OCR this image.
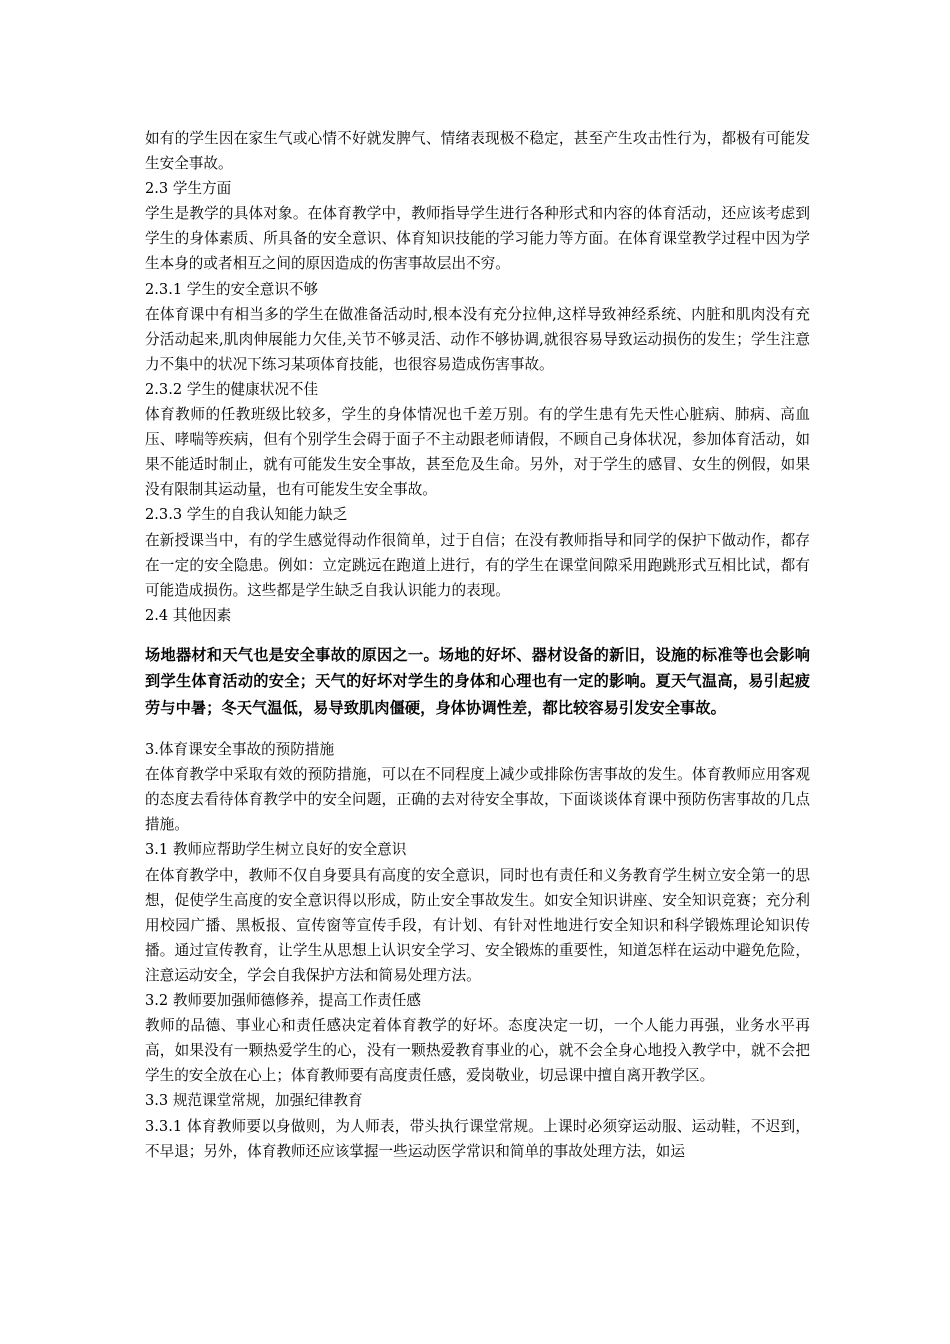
如有的学生因在家生气或心情不好就发脾气、情绪表现极不稳定，甚至产生攻击性行为，都极有可能发生安全事故。

2.3 学生方面

学生是教学的具体对象。在体育教学中，教师指导学生进行各种形式和内容的体育活动，还应该考虑到学生的身体素质、所具备的安全意识、体育知识技能的学习能力等方面。在体育课堂教学过程中因为学生本身的或者相互之间的原因造成的伤害事故层出不穷。

2.3.1 学生的安全意识不够

在体育课中有相当多的学生在做准备活动时,根本没有充分拉伸,这样导致神经系统、内脏和肌肉没有充分活动起来,肌肉伸展能力欠佳,关节不够灵活、动作不够协调,就很容易导致运动损伤的发生；学生注意力不集中的状况下练习某项体育技能，也很容易造成伤害事故。

2.3.2 学生的健康状况不佳

体育教师的任教班级比较多，学生的身体情况也千差万别。有的学生患有先天性心脏病、肺病、高血压、哮喘等疾病，但有个别学生会碍于面子不主动跟老师请假，不顾自己身体状况，参加体育活动，如果不能适时制止，就有可能发生安全事故，甚至危及生命。另外，对于学生的感冒、女生的例假，如果没有限制其运动量，也有可能发生安全事故。

2.3.3 学生的自我认知能力缺乏

在新授课当中，有的学生感觉得动作很简单，过于自信；在没有教师指导和同学的保护下做动作，都存在一定的安全隐患。例如：立定跳远在跑道上进行，有的学生在课堂间隙采用跑跳形式互相比试，都有可能造成损伤。这些都是学生缺乏自我认识能力的表现。

2.4 其他因素

场地器材和天气也是安全事故的原因之一。场地的好坏、器材设备的新旧，设施的标准等也会影响到学生体育活动的安全；天气的好坏对学生的身体和心理也有一定的影响。夏天气温高，易引起疲劳与中暑；冬天气温低，易导致肌肉僵硬，身体协调性差，都比较容易引发安全事故。

3.体育课安全事故的预防措施

在体育教学中采取有效的预防措施，可以在不同程度上减少或排除伤害事故的发生。体育教师应用客观的态度去看待体育教学中的安全问题，正确的去对待安全事故，下面谈谈体育课中预防伤害事故的几点措施。

3.1 教师应帮助学生树立良好的安全意识

在体育教学中，教师不仅自身要具有高度的安全意识，同时也有责任和义务教育学生树立安全第一的思想，促使学生高度的安全意识得以形成，防止安全事故发生。如安全知识讲座、安全知识竞赛；充分利用校园广播、黑板报、宣传窗等宣传手段，有计划、有针对性地进行安全知识和科学锻炼理论知识传播。通过宣传教育，让学生从思想上认识安全学习、安全锻炼的重要性，知道怎样在运动中避免危险，注意运动安全，学会自我保护方法和简易处理方法。

3.2 教师要加强师德修养，提高工作责任感

教师的品德、事业心和责任感决定着体育教学的好坏。态度决定一切，一个人能力再强，业务水平再高，如果没有一颗热爱学生的心，没有一颗热爱教育事业的心，就不会全身心地投入教学中，就不会把学生的安全放在心上；体育教师要有高度责任感，爱岗敬业，切忌课中擅自离开教学区。

3.3 规范课堂常规，加强纪律教育

3.3.1 体育教师要以身做则，为人师表，带头执行课堂常规。上课时必须穿运动服、运动鞋，不迟到，不早退；另外，体育教师还应该掌握一些运动医学常识和简单的事故处理方法，如运
